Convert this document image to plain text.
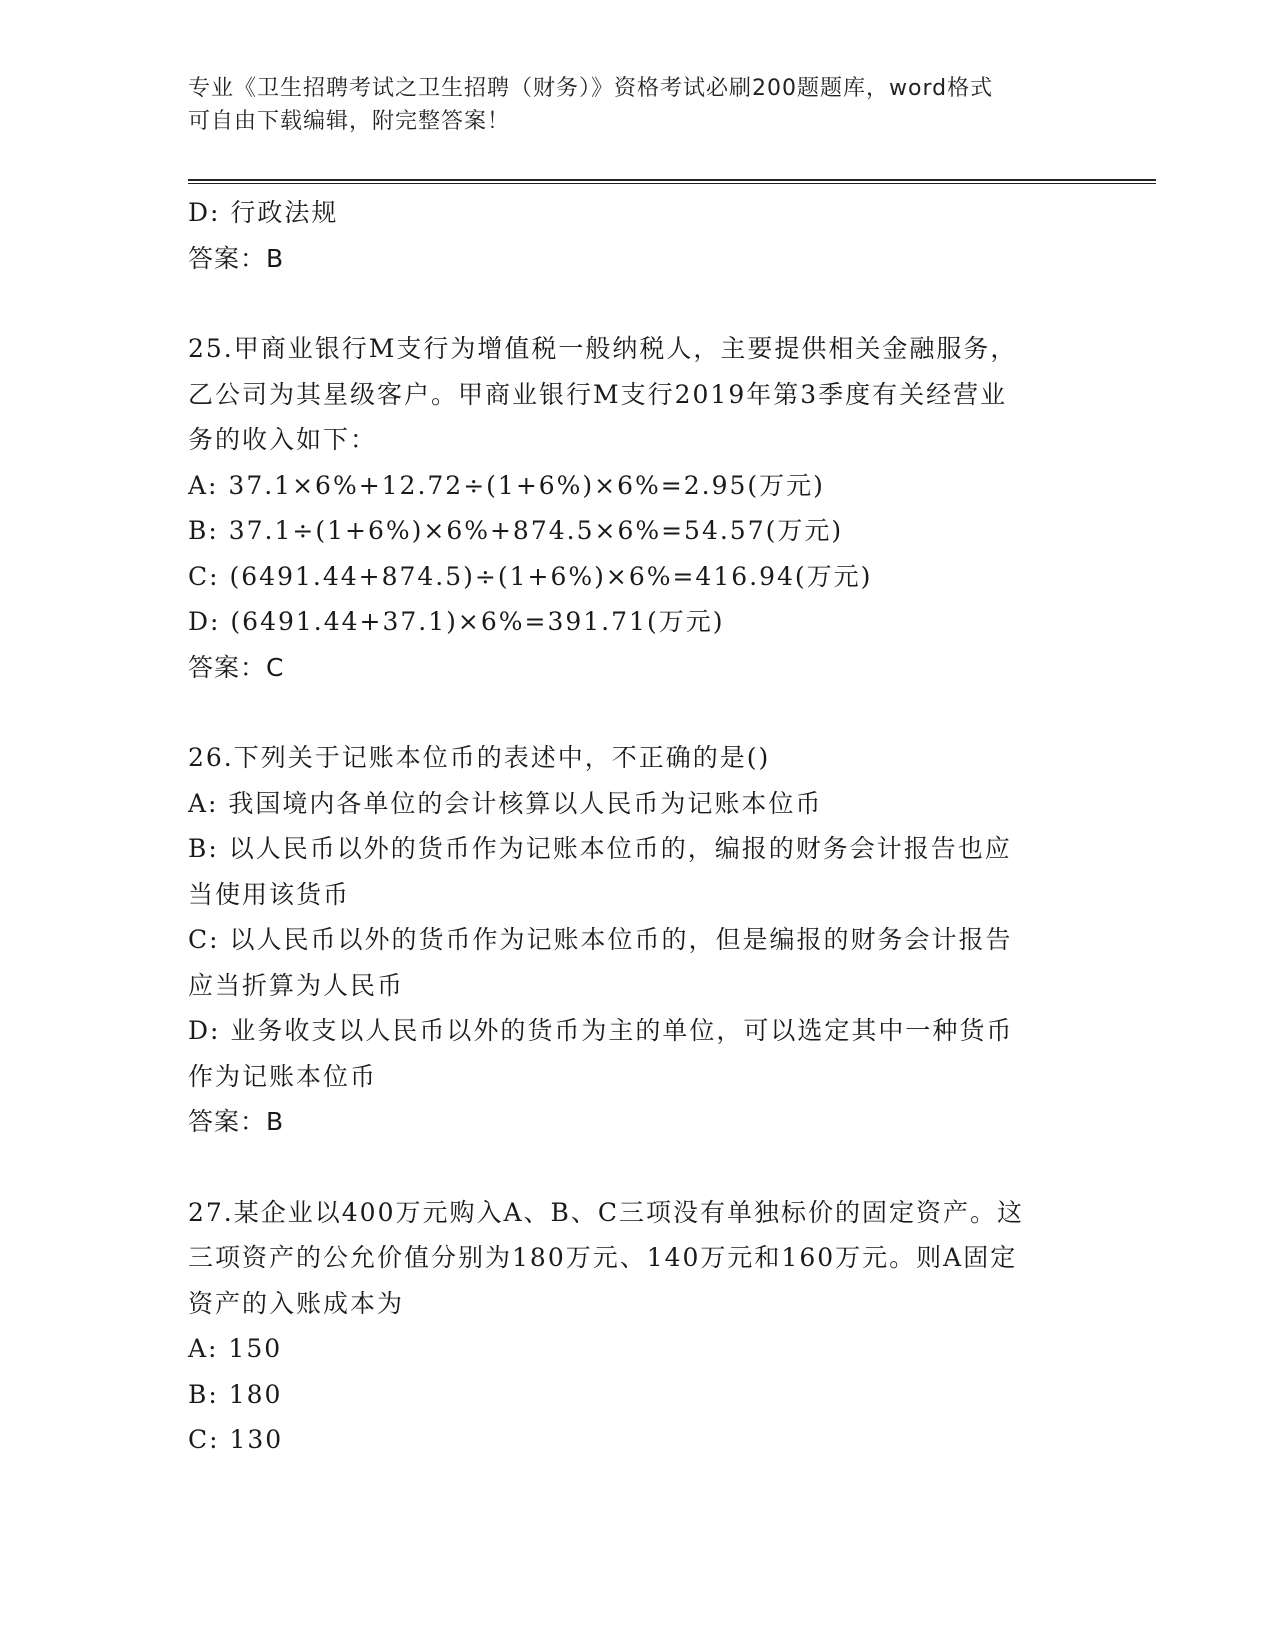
专业《卫生招聘考试之卫生招聘（财务）》资格考试必刷200题题库，word格式
可自由下载编辑，附完整答案！
D: 行政法规
答案：B
25.甲商业银行M支行为增值税一般纳税人，主要提供相关金融服务，
乙公司为其星级客户。甲商业银行M支行2019年第3季度有关经营业
务的收入如下：
A: 37.1×6%+12.72÷(1+6%)×6%=2.95(万元)
B: 37.1÷(1+6%)×6%+874.5×6%=54.57(万元)
C: (6491.44+874.5)÷(1+6%)×6%=416.94(万元)
D: (6491.44+37.1)×6%=391.71(万元)
答案：C
26.下列关于记账本位币的表述中，不正确的是()
A: 我国境内各单位的会计核算以人民币为记账本位币
B: 以人民币以外的货币作为记账本位币的，编报的财务会计报告也应
当使用该货币
C: 以人民币以外的货币作为记账本位币的，但是编报的财务会计报告
应当折算为人民币
D: 业务收支以人民币以外的货币为主的单位，可以选定其中一种货币
作为记账本位币
答案：B
27.某企业以400万元购入A、B、C三项没有单独标价的固定资产。这
三项资产的公允价值分别为180万元、140万元和160万元。则A固定
资产的入账成本为
A: 150
B: 180
C: 130
